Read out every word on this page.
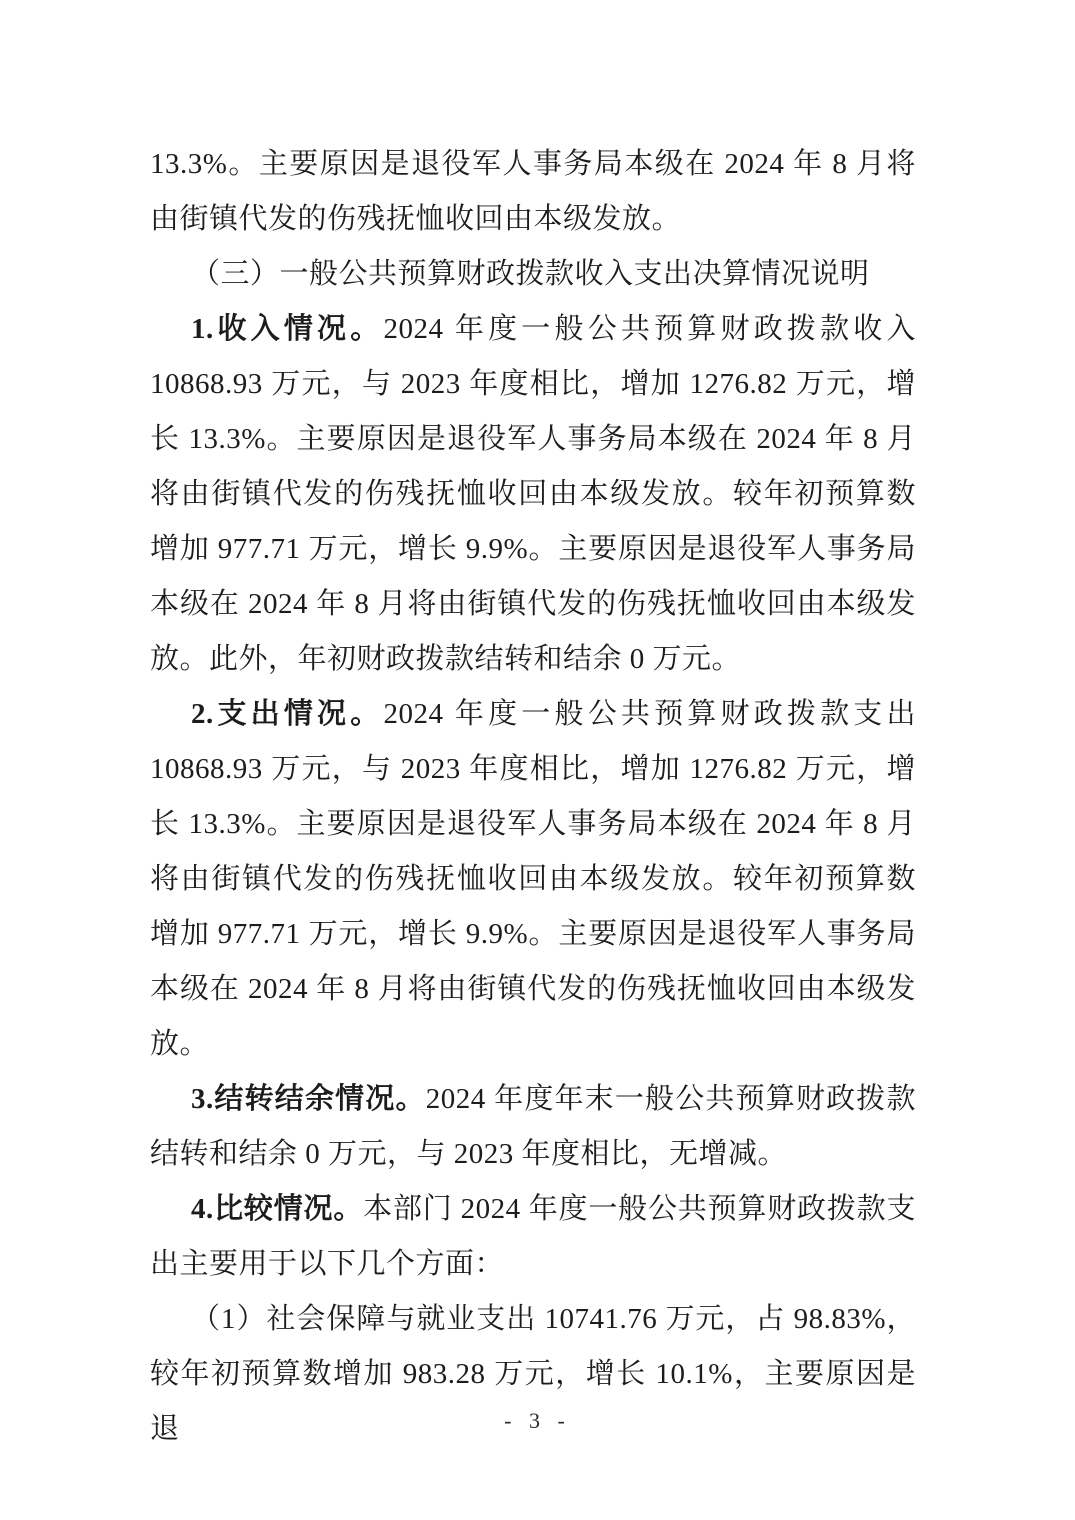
13.3%。主要原因是退役军人事务局本级在 2024 年 8 月将由街镇代发的伤残抚恤收回由本级发放。

（三）一般公共预算财政拨款收入支出决算情况说明

1.收入情况。2024 年度一般公共预算财政拨款收入 10868.93 万元，与 2023 年度相比，增加 1276.82 万元，增长 13.3%。主要原因是退役军人事务局本级在 2024 年 8 月将由街镇代发的伤残抚恤收回由本级发放。较年初预算数增加 977.71 万元，增长 9.9%。主要原因是退役军人事务局本级在 2024 年 8 月将由街镇代发的伤残抚恤收回由本级发放。此外，年初财政拨款结转和结余 0 万元。

2.支出情况。2024 年度一般公共预算财政拨款支出 10868.93 万元，与 2023 年度相比，增加 1276.82 万元，增长 13.3%。主要原因是退役军人事务局本级在 2024 年 8 月将由街镇代发的伤残抚恤收回由本级发放。较年初预算数增加 977.71 万元，增长 9.9%。主要原因是退役军人事务局本级在 2024 年 8 月将由街镇代发的伤残抚恤收回由本级发放。

3.结转结余情况。2024 年度年末一般公共预算财政拨款结转和结余 0 万元，与 2023 年度相比，无增减。

4.比较情况。本部门 2024 年度一般公共预算财政拨款支出主要用于以下几个方面：

（1）社会保障与就业支出 10741.76 万元，占 98.83%，较年初预算数增加 983.28 万元，增长 10.1%，主要原因是退	- 3 -
